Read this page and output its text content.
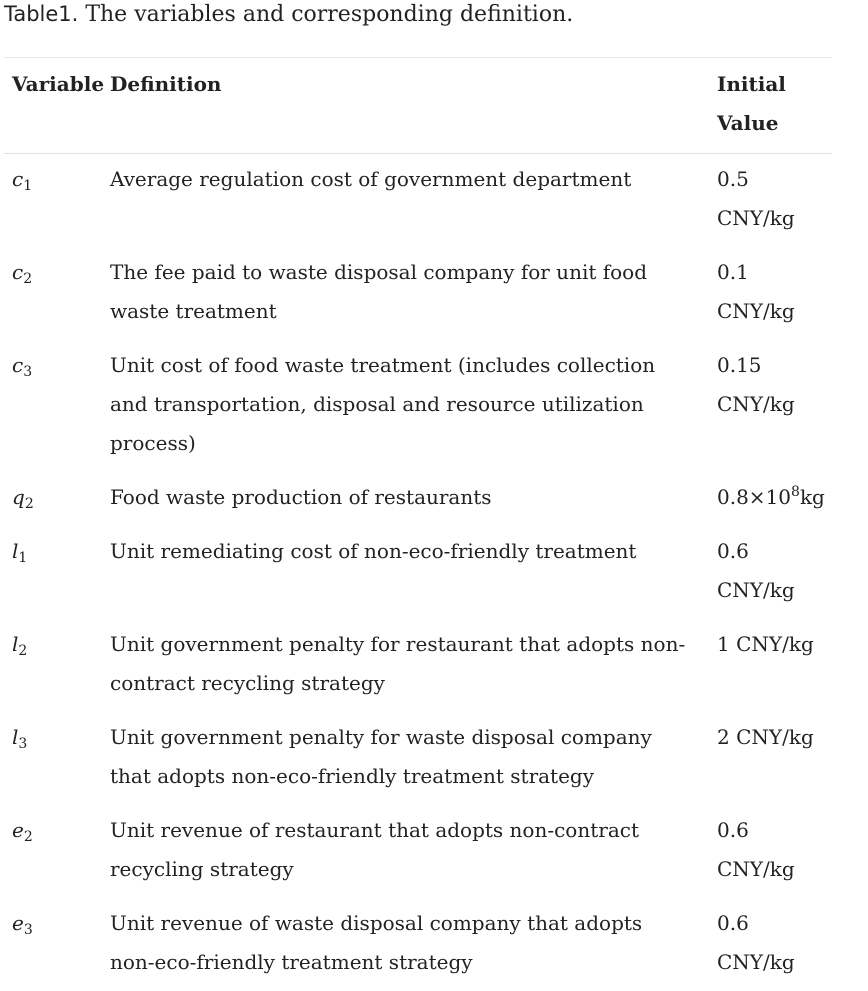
Table1. The variables and corresponding definition.
Variable	Definition	Initial Value
$c_1$	Average regulation cost of government department	0.5 CNY/kg
$c_2$	The fee paid to waste disposal company for unit food waste treatment	0.1 CNY/kg
$c_3$	Unit cost of food waste treatment (includes collection and transportation, disposal and resource utilization process)	0.15 CNY/kg
$q_2$	Food waste production of restaurants	$0.8\times 10^8kg$
$l_1$	Unit remediating cost of non-eco-friendly treatment	0.6 CNY/kg
$l_2$	Unit government penalty for restaurant that adopts non-contract recycling strategy	1 CNY/kg
$l_3$	Unit government penalty for waste disposal company that adopts non-eco-friendly treatment strategy	2 CNY/kg
$e_2$	Unit revenue of restaurant that adopts non-contract recycling strategy	0.6 CNY/kg
$e_3$	Unit revenue of waste disposal company that adopts non-eco-friendly treatment strategy	0.6 CNY/kg
